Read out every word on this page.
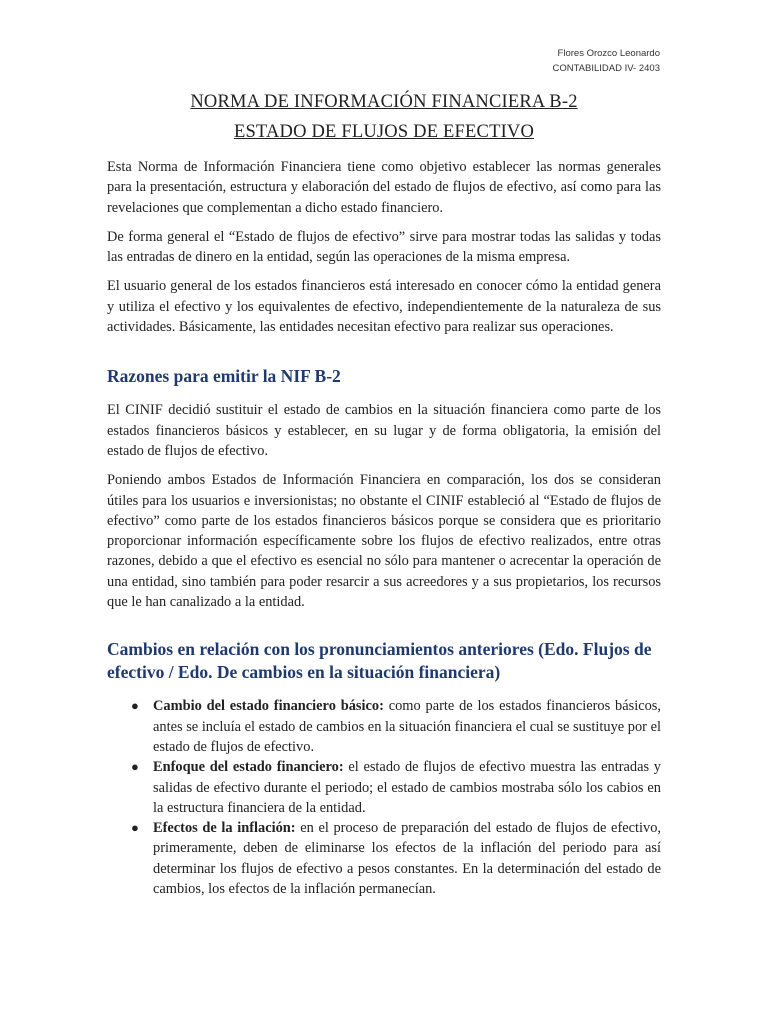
Flores Orozco Leonardo
CONTABILIDAD IV- 2403
NORMA DE INFORMACIÓN FINANCIERA B-2
ESTADO DE FLUJOS DE EFECTIVO

Esta Norma de Información Financiera tiene como objetivo establecer las normas generales para la presentación, estructura y elaboración del estado de flujos de efectivo, así como para las revelaciones que complementan a dicho estado financiero.

De forma general el “Estado de flujos de efectivo” sirve para mostrar todas las salidas y todas las entradas de dinero en la entidad, según las operaciones de la misma empresa.

El usuario general de los estados financieros está interesado en conocer cómo la entidad genera y utiliza el efectivo y los equivalentes de efectivo, independientemente de la naturaleza de sus actividades. Básicamente, las entidades necesitan efectivo para realizar sus operaciones.

Razones para emitir la NIF B-2

El CINIF decidió sustituir el estado de cambios en la situación financiera como parte de los estados financieros básicos y establecer, en su lugar y de forma obligatoria, la emisión del estado de flujos de efectivo.

Poniendo ambos Estados de Información Financiera en comparación, los dos se consideran útiles para los usuarios e inversionistas; no obstante el CINIF estableció al “Estado de flujos de efectivo” como parte de los estados financieros básicos porque se considera que es prioritario proporcionar información específicamente sobre los flujos de efectivo realizados, entre otras razones, debido a que el efectivo es esencial no sólo para mantener o acrecentar la operación de una entidad, sino también para poder resarcir a sus acreedores y a sus propietarios, los recursos que le han canalizado a la entidad.

Cambios en relación con los pronunciamientos anteriores (Edo. Flujos de efectivo / Edo. De cambios en la situación financiera)
● Cambio del estado financiero básico: como parte de los estados financieros básicos, antes se incluía el estado de cambios en la situación financiera el cual se sustituye por el estado de flujos de efectivo.
● Enfoque del estado financiero: el estado de flujos de efectivo muestra las entradas y salidas de efectivo durante el periodo; el estado de cambios mostraba sólo los cabios en la estructura financiera de la entidad.
● Efectos de la inflación: en el proceso de preparación del estado de flujos de efectivo, primeramente, deben de eliminarse los efectos de la inflación del periodo para así determinar los flujos de efectivo a pesos constantes. En la determinación del estado de cambios, los efectos de la inflación permanecían.
